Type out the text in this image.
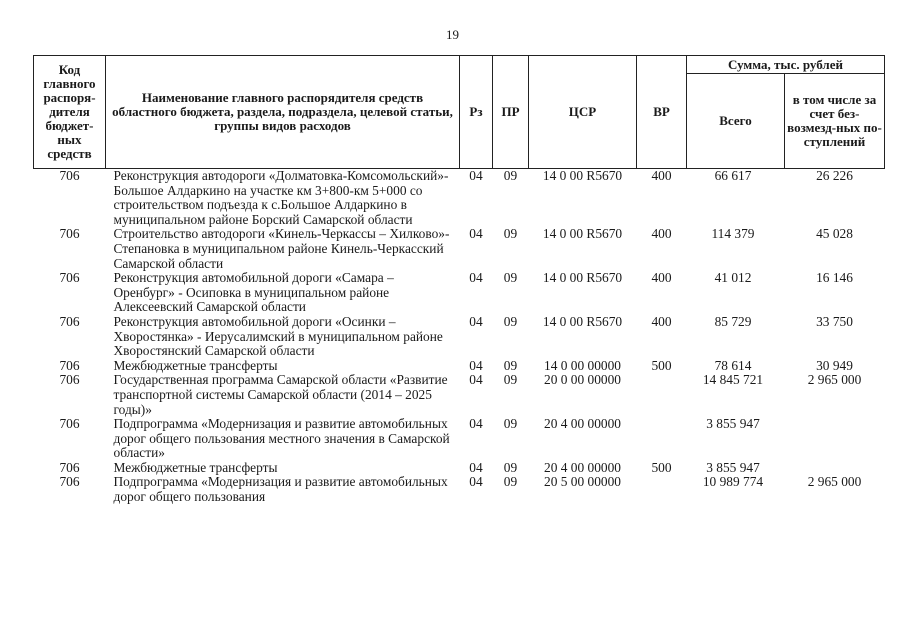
19
Код главного распоря-дителя бюджет-ных средств	Наименование главного распорядителя средств областного бюджета, раздела, подраздела, целевой статьи, группы видов расходов	Рз	ПР	ЦСР	ВР	Сумма, тыс. рублей	
						Всего	в том числе за счет без-возмезд-ных по-ступлений
706	Реконструкция автодороги «Долматовка-Комсомольский»-Большое Алдаркино на участке км 3+800-км 5+000 со строительством подъезда к с.Большое Алдаркино в муниципальном районе Борский Самарской области	04	09	14 0 00 R5670	400	66 617	26 226
706	Строительство автодороги «Кинель-Черкассы – Хилково»-Степановка в муниципальном районе Кинель-Черкасский Самарской области	04	09	14 0 00 R5670	400	114 379	45 028
706	Реконструкция автомобильной дороги «Самара – Оренбург» - Осиповка в муниципальном районе Алексеевский Самарской области	04	09	14 0 00 R5670	400	41 012	16 146
706	Реконструкция автомобильной дороги «Осинки – Хворостянка» - Иерусалимский в муниципальном районе Хворостянский Самарской области	04	09	14 0 00 R5670	400	85 729	33 750
706	Межбюджетные трансферты	04	09	14 0 00 00000	500	78 614	30 949
706	Государственная программа Самарской области «Развитие транспортной системы Самарской области (2014 – 2025 годы)»	04	09	20 0 00 00000		14 845 721	2 965 000
706	Подпрограмма «Модернизация и развитие автомобильных дорог общего пользования местного значения в Самарской области»	04	09	20 4 00 00000		3 855 947	
706	Межбюджетные трансферты	04	09	20 4 00 00000	500	3 855 947	
706	Подпрограмма «Модернизация и развитие автомобильных дорог общего пользования	04	09	20 5 00 00000		10 989 774	2 965 000
